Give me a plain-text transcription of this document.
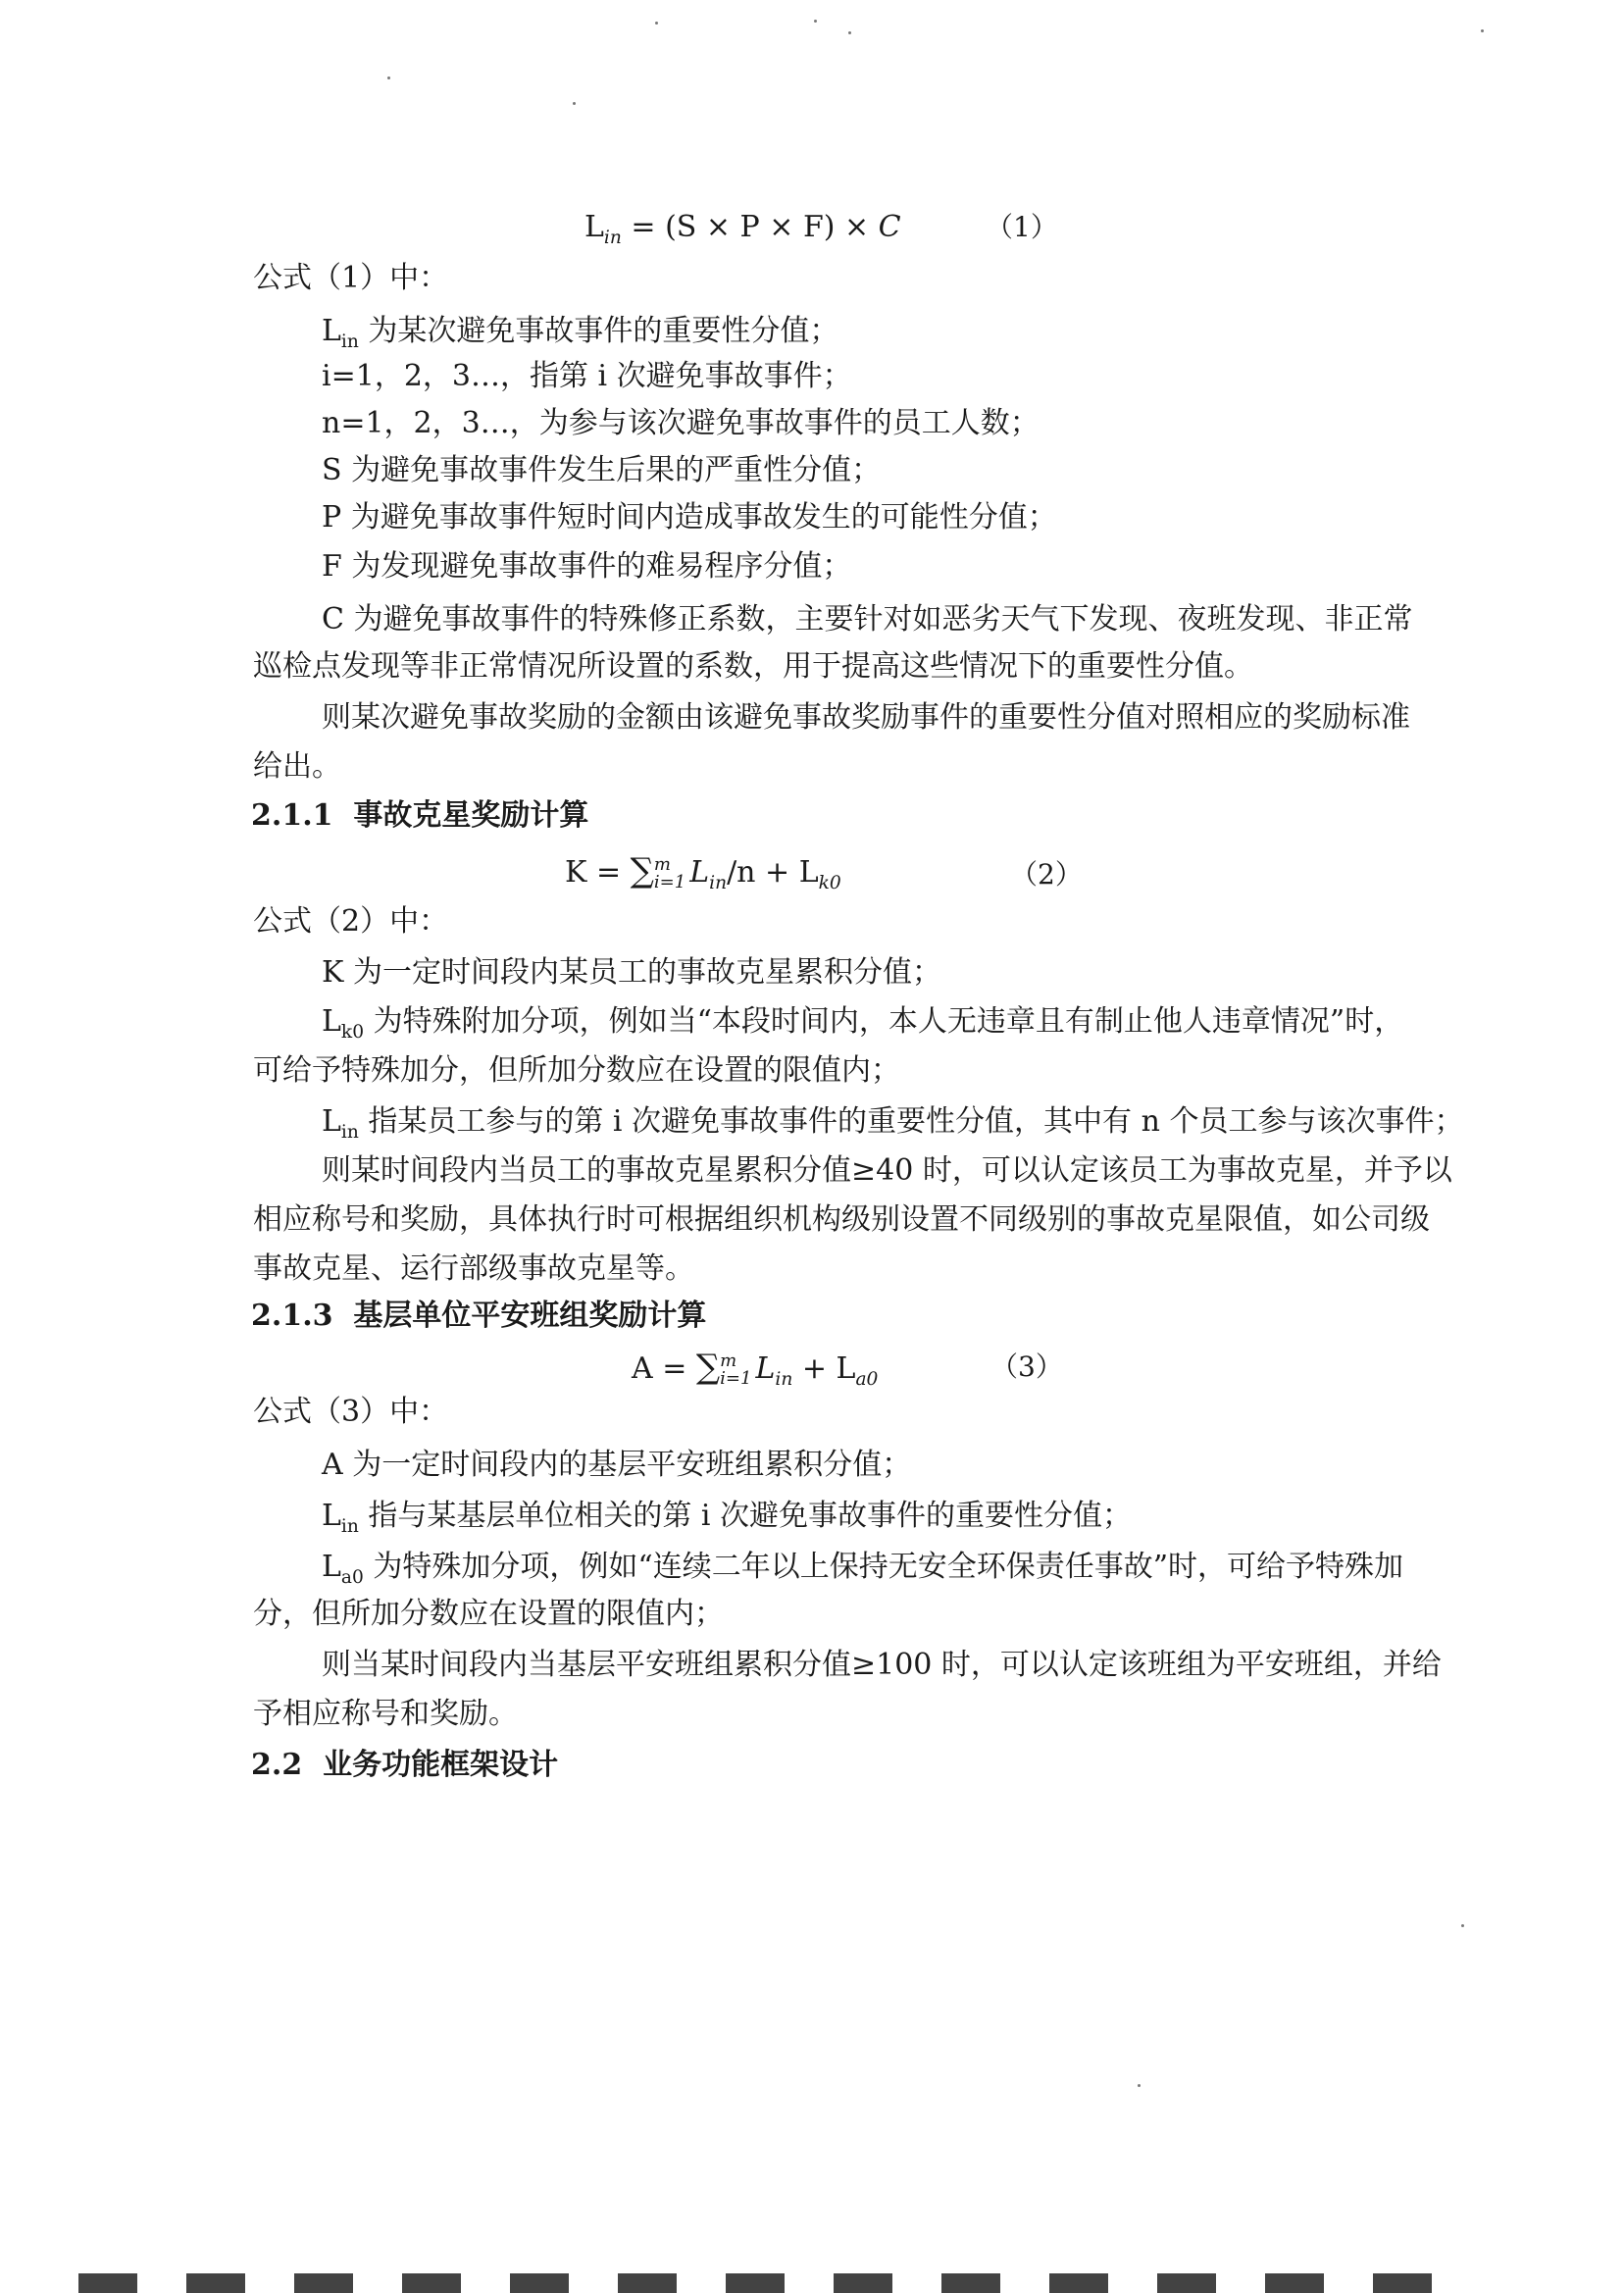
$L_{in} = (S \times P \times F) \times C$	（1）
公式（1）中：
$L_{in}$ 为某次避免事故事件的重要性分值；
i=1，2，3…，指第 i 次避免事故事件；
n=1，2，3…，为参与该次避免事故事件的员工人数；
S 为避免事故事件发生后果的严重性分值；
P 为避免事故事件短时间内造成事故发生的可能性分值；
F 为发现避免事故事件的难易程序分值；
C 为避免事故事件的特殊修正系数，主要针对如恶劣天气下发现、夜班发现、非正常
巡检点发现等非正常情况所设置的系数，用于提高这些情况下的重要性分值。
则某次避免事故奖励的金额由该避免事故奖励事件的重要性分值对照相应的奖励标准
给出。
2.1.1 事故克星奖励计算
K = ∑ m
i=1 $L_{in}/n + L_{k0}$	（2）
公式（2）中：
K 为一定时间段内某员工的事故克星累积分值；
$L_{k0}$ 为特殊附加分项，例如当“本段时间内，本人无违章且有制止他人违章情况”时，
可给予特殊加分，但所加分数应在设置的限值内；
$L_{in}$ 指某员工参与的第 i 次避免事故事件的重要性分值，其中有 n 个员工参与该次事件；
则某时间段内当员工的事故克星累积分值≥40 时，可以认定该员工为事故克星，并予以
相应称号和奖励，具体执行时可根据组织机构级别设置不同级别的事故克星限值，如公司级
事故克星、运行部级事故克星等。
2.1.3 基层单位平安班组奖励计算
A = ∑ m
i=1 $L_{in} + L_{a0}$	（3）
公式（3）中：
A 为一定时间段内的基层平安班组累积分值；
$L_{in}$ 指与某基层单位相关的第 i 次避免事故事件的重要性分值；
$L_{a0}$ 为特殊加分项，例如“连续二年以上保持无安全环保责任事故”时，可给予特殊加
分，但所加分数应在设置的限值内；
则当某时间段内当基层平安班组累积分值≥100 时，可以认定该班组为平安班组，并给
予相应称号和奖励。
2.2 业务功能框架设计
